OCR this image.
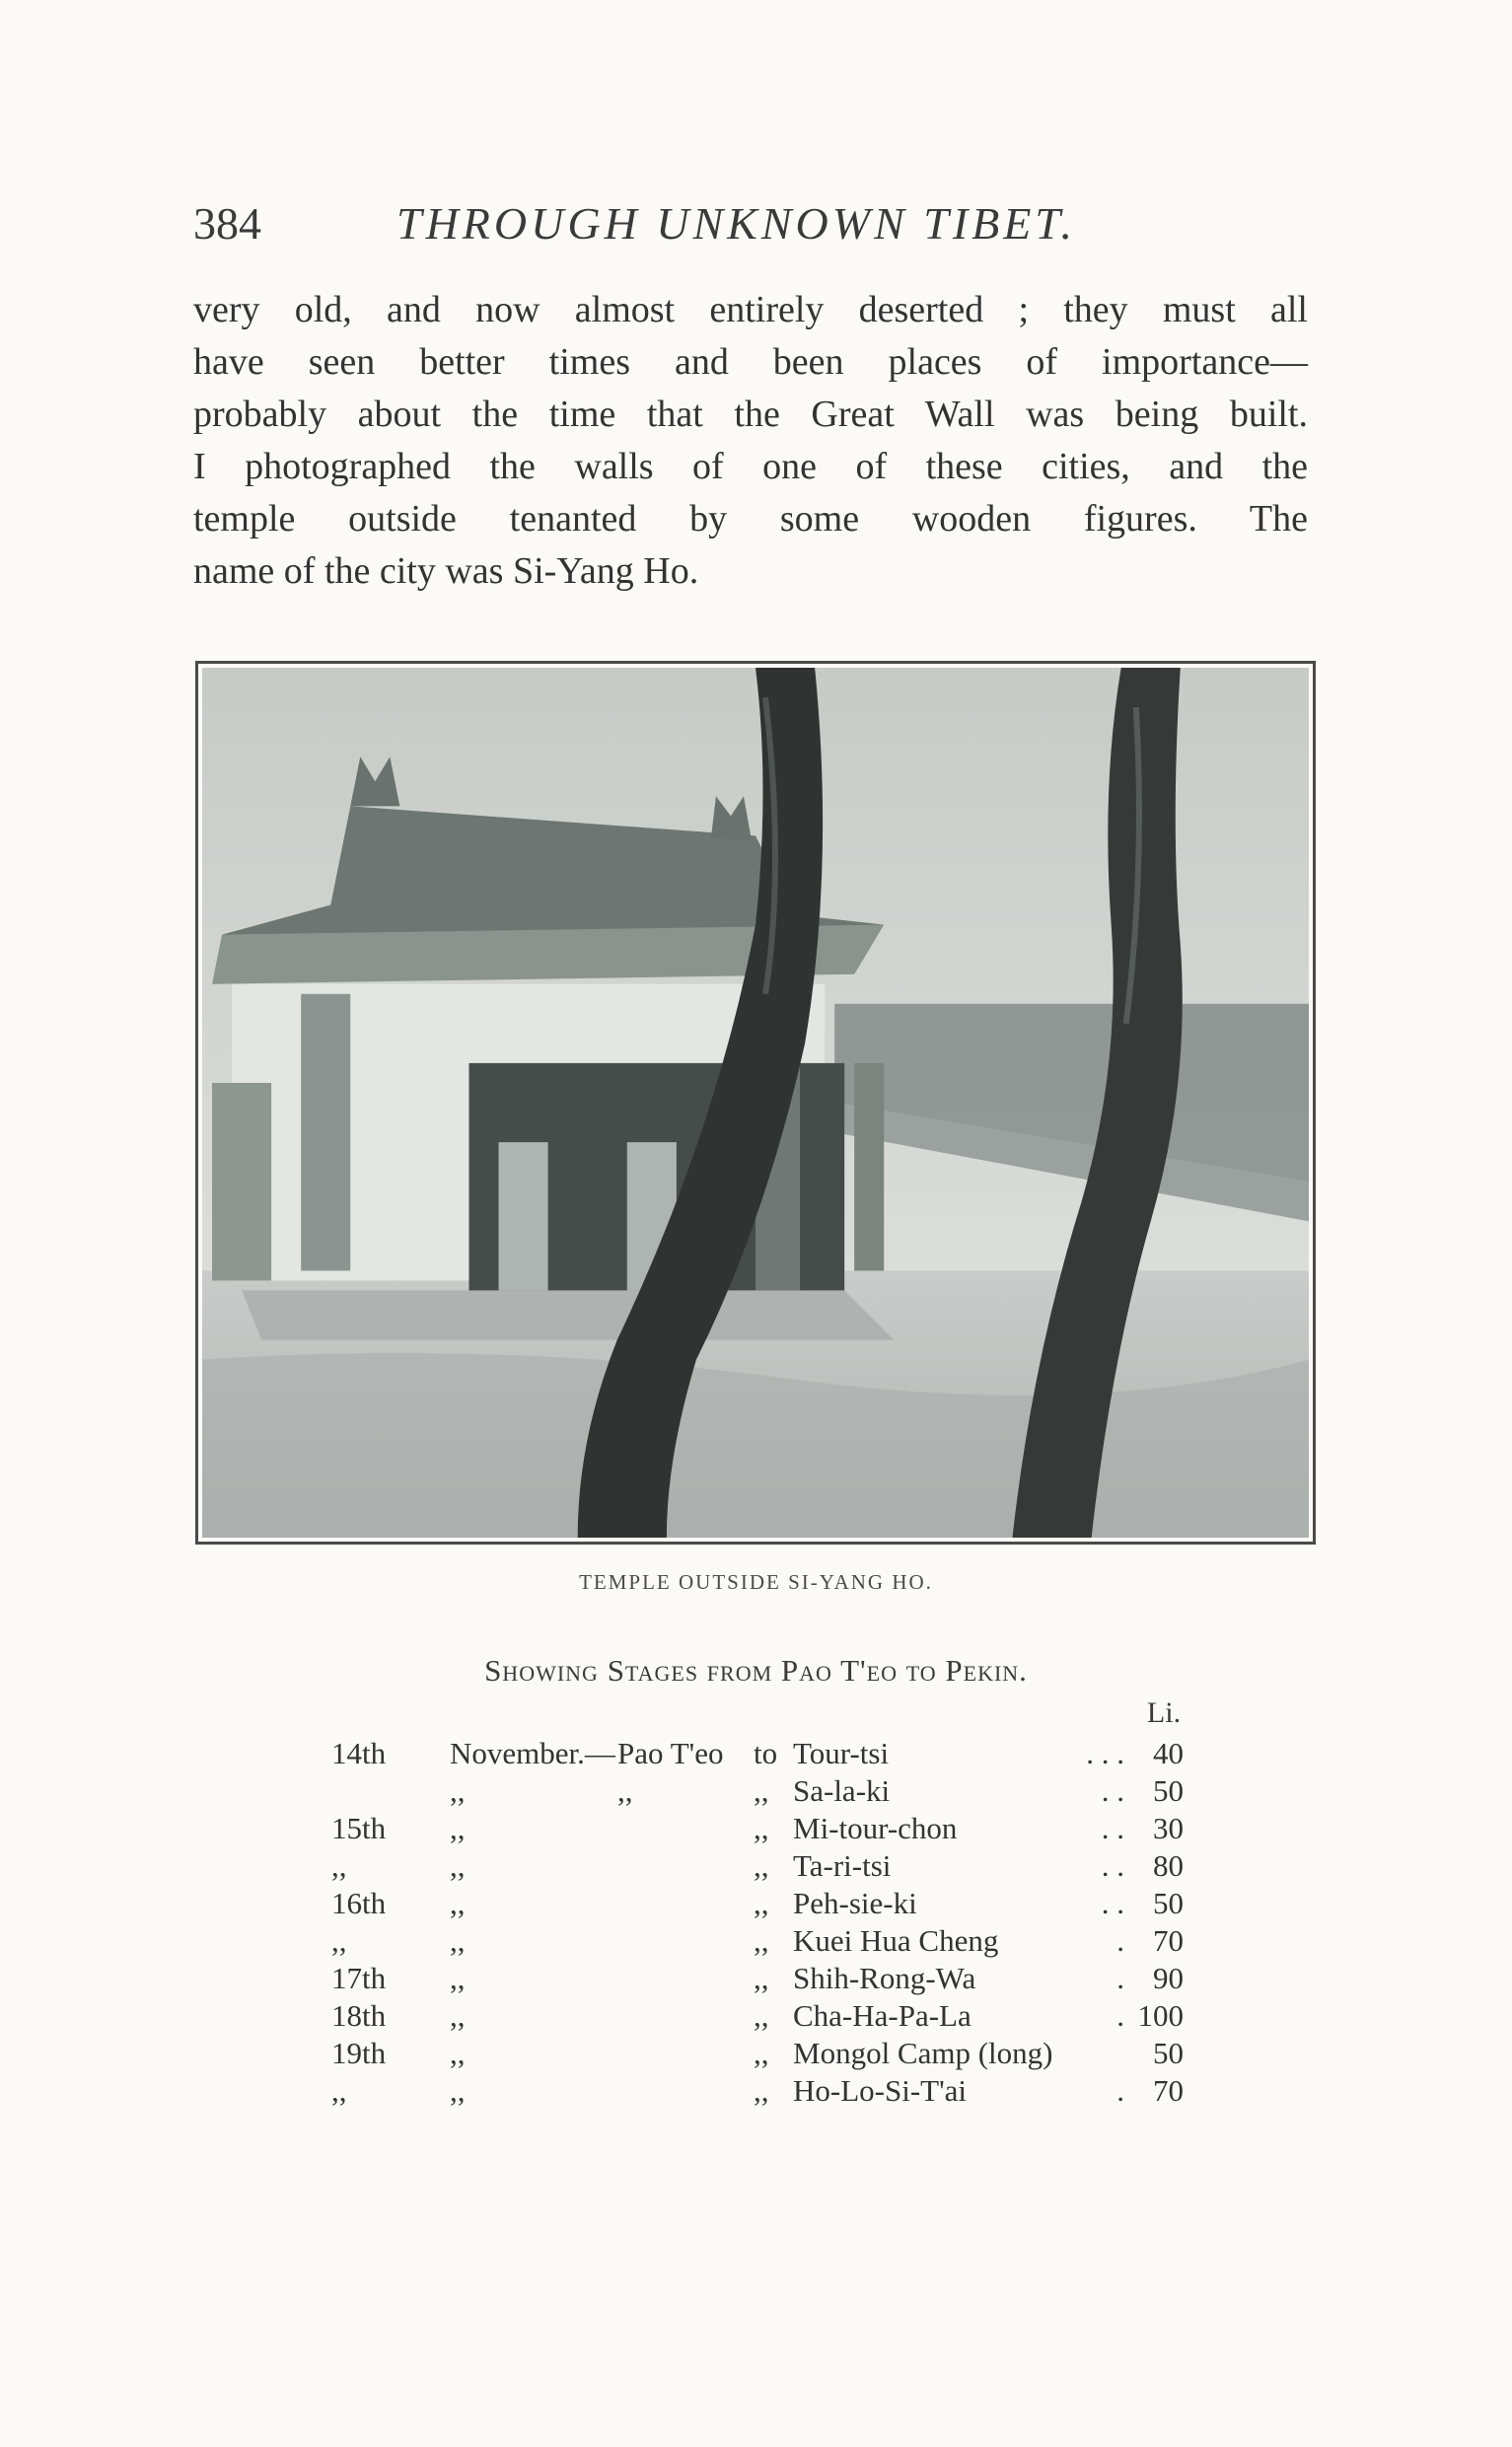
384	THROUGH UNKNOWN TIBET.
very old, and now almost entirely deserted ; they must all
have seen better times and been places of importance—
probably about the time that the Great Wall was being built.
I photographed the walls of one of these cities, and the
temple outside tenanted by some wooden figures. The
name of the city was Si-Yang Ho.
TEMPLE OUTSIDE SI-YANG HO.
Showing Stages from Pao T'eo to Pekin.
Li.
14th November.— Pao T'eo to Tour-tsi	. . . 40
,,	,,	,, Sa-la-ki	. . 50
15th ,,	,, Mi-tour-chon	. . 30
,,	,,	,, Ta-ri-tsi	. . 80
16th ,,	,, Peh-sie-ki	. . 50
,,	,,	,, Kuei Hua Cheng	. 70
17th ,,	,, Shih-Rong-Wa	. 90
18th ,,	,, Cha-Ha-Pa-La	. 100
19th ,,	,, Mongol Camp (long)	50
,,	,,	,, Ho-Lo-Si-T'ai	. 70
